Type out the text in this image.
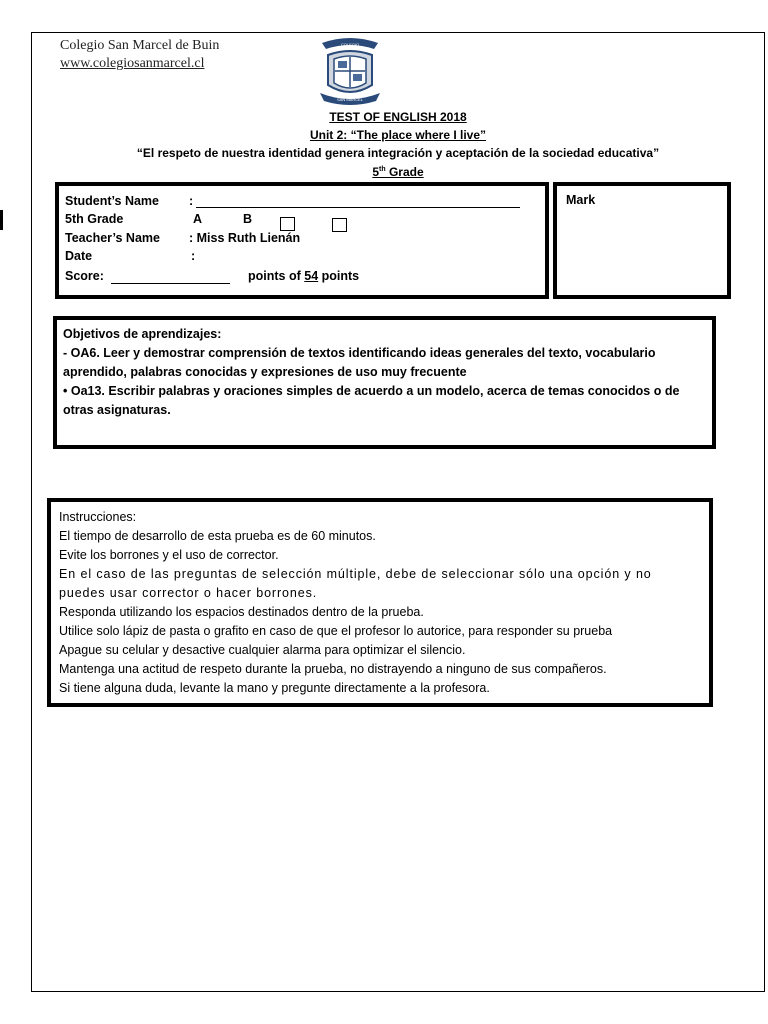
Colegio San Marcel de Buin
www.colegiosanmarcel.cl
COLEGIO
SAN MARCEL
TEST OF ENGLISH 2018
Unit 2: “The place where I live”
“El respeto de nuestra identidad genera integración y aceptación de la sociedad educativa”
5th Grade
Student’s Name :
5th Grade	A	B
Teacher’s Name : Miss Ruth Lienán
Date	:
Score:	points of 54 points
Mark
Objetivos de aprendizajes:
- OA6. Leer y demostrar comprensión de textos identificando ideas generales del texto, vocabulario aprendido, palabras conocidas y expresiones de uso muy frecuente
• Oa13. Escribir palabras y oraciones simples de acuerdo a un modelo, acerca de temas conocidos o de otras asignaturas.
Instrucciones:
El tiempo de desarrollo de esta prueba es de 60 minutos.
Evite los borrones y el uso de corrector.
En el caso de las preguntas de selección múltiple, debe de seleccionar sólo una opción y no
puedes usar corrector o hacer borrones.
Responda utilizando los espacios destinados dentro de la prueba.
Utilice solo lápiz de pasta o grafito en caso de que el profesor lo autorice, para responder su prueba
Apague su celular y desactive cualquier alarma para optimizar el silencio.
Mantenga una actitud de respeto durante la prueba, no distrayendo a ninguno de sus compañeros.
Si tiene alguna duda, levante la mano y pregunte directamente a la profesora.
